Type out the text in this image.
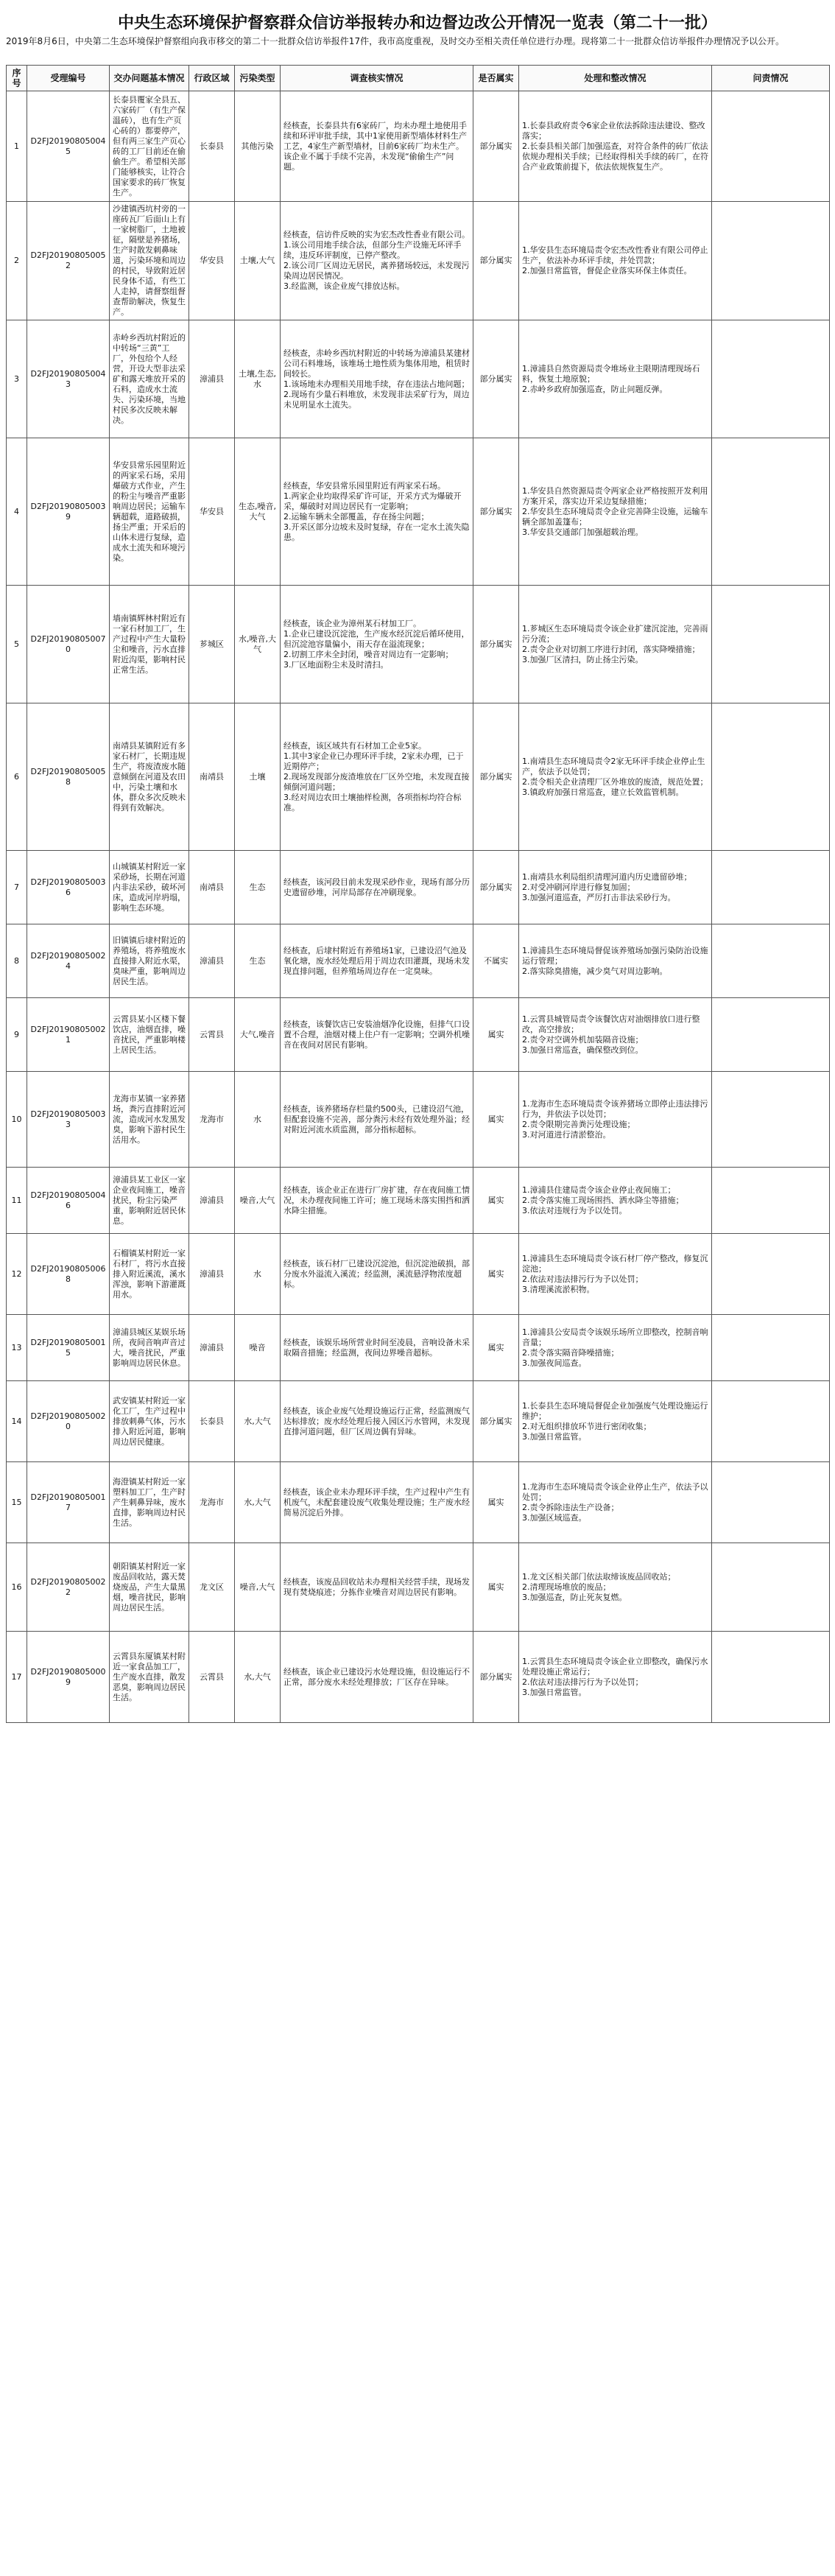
中央生态环境保护督察群众信访举报转办和边督边改公开情况一览表（第二十一批）
2019年8月6日，中央第二生态环境保护督察组向我市移交的第二十一批群众信访举报件17件，我市高度重视，及时交办至相关责任单位进行办理。现将第二十一批群众信访举报件办理情况予以公开。
序号	受理编号	交办问题基本情况	行政区域	污染类型	调查核实情况	是否属实	处理和整改情况	问责情况

1	D2FJ201908050045	长泰县覆家全县五、六家砖厂（有生产保温砖），也有生产页心砖的）都要停产，但有两三家生产页心砖的工厂目前还在偷偷生产。希望相关部门能够核实，让符合国家要求的砖厂恢复生产。	长泰县	其他污染	经核查，长泰县共有6家砖厂，均未办理土地使用手续和环评审批手续，其中1家使用新型墙体材料生产工艺，4家生产新型墙材，目前6家砖厂均未生产。该企业不属于手续不完善，未发现“偷偷生产”问题。	部分属实	1.长泰县政府责令6家企业依法拆除违法建设、整改落实；
2.长泰县相关部门加强巡查，对符合条件的砖厂依法依规办理相关手续；已经取得相关手续的砖厂，在符合产业政策前提下，依法依规恢复生产。	

2	D2FJ201908050052	沙建镇西坑村旁的一座砖瓦厂后面山上有一家树脂厂，土地被征，隔壁是养猪场，生产时散发刺鼻味道，污染环境和周边的村民，导致附近居民身体不适，有些工人走掉，请督察组督查帮助解决，恢复生产。	华安县	土壤,大气	经核查，信访件反映的实为宏杰改性香业有限公司。
1.该公司用地手续合法，但部分生产设施无环评手续，违反环评制度，已停产整改。
2.该公司厂区周边无居民，离养猪场较远，未发现污染周边居民情况。
3.经监测，该企业废气排放达标。	部分属实	1.华安县生态环境局责令宏杰改性香业有限公司停止生产，依法补办环评手续，并处罚款；
2.加强日常监管，督促企业落实环保主体责任。	

3	D2FJ201908050043	赤岭乡西坑村附近的中转场“三黄”工厂，外包给个人经营，开设大型非法采矿和露天堆放开采的石料，造成水土流失、污染环境，当地村民多次反映未解决。	漳浦县	土壤,生态,水	经核查，赤岭乡西坑村附近的中转场为漳浦县某建材公司石料堆场，该堆场土地性质为集体用地，租赁时间较长。
1.该场地未办理相关用地手续，存在违法占地问题；
2.现场有少量石料堆放，未发现非法采矿行为，周边未见明显水土流失。	部分属实	1.漳浦县自然资源局责令堆场业主限期清理现场石料，恢复土地原貌；
2.赤岭乡政府加强巡查，防止问题反弹。	

4	D2FJ201908050039	华安县常乐园里附近的两家采石场，采用爆破方式作业，产生的粉尘与噪音严重影响周边居民；运输车辆超载，道路破损，扬尘严重；开采后的山体未进行复绿，造成水土流失和环境污染。	华安县	生态,噪音,大气	经核查，华安县常乐园里附近有两家采石场。
1.两家企业均取得采矿许可证，开采方式为爆破开采，爆破时对周边居民有一定影响；
2.运输车辆未全部覆盖，存在扬尘问题；
3.开采区部分边坡未及时复绿，存在一定水土流失隐患。	部分属实	1.华安县自然资源局责令两家企业严格按照开发利用方案开采，落实边开采边复绿措施；
2.华安县生态环境局责令企业完善降尘设施，运输车辆全部加盖篷布；
3.华安县交通部门加强超载治理。	

5	D2FJ201908050070	墙南镇辉林村附近有一家石材加工厂，生产过程中产生大量粉尘和噪音，污水直排附近沟渠，影响村民正常生活。	芗城区	水,噪音,大气	经核查，该企业为漳州某石材加工厂。
1.企业已建设沉淀池，生产废水经沉淀后循环使用，但沉淀池容量偏小，雨天存在溢流现象；
2.切割工序未全封闭，噪音对周边有一定影响；
3.厂区地面粉尘未及时清扫。	部分属实	1.芗城区生态环境局责令该企业扩建沉淀池，完善雨污分流；
2.责令企业对切割工序进行封闭，落实降噪措施；
3.加强厂区清扫，防止扬尘污染。	

6	D2FJ201908050058	南靖县某镇附近有多家石材厂，长期违规生产，将废渣废水随意倾倒在河道及农田中，污染土壤和水体，群众多次反映未得到有效解决。	南靖县	土壤	经核查，该区域共有石材加工企业5家。
1.其中3家企业已办理环评手续，2家未办理，已于近期停产；
2.现场发现部分废渣堆放在厂区外空地，未发现直接倾倒河道问题；
3.经对周边农田土壤抽样检测，各项指标均符合标准。	部分属实	1.南靖县生态环境局责令2家无环评手续企业停止生产，依法予以处罚；
2.责令相关企业清理厂区外堆放的废渣，规范处置；
3.镇政府加强日常巡查，建立长效监管机制。	

7	D2FJ201908050036	山城镇某村附近一家采砂场，长期在河道内非法采砂，破坏河床，造成河岸坍塌，影响生态环境。	南靖县	生态	经核查，该河段目前未发现采砂作业，现场有部分历史遗留砂堆，河岸局部存在冲刷现象。	部分属实	1.南靖县水利局组织清理河道内历史遗留砂堆；
2.对受冲刷河岸进行修复加固；
3.加强河道巡查，严厉打击非法采砂行为。	

8	D2FJ201908050024	旧镇镇后埭村附近的养殖场，将养殖废水直接排入附近水渠，臭味严重，影响周边居民生活。	漳浦县	生态	经核查，后埭村附近有养殖场1家，已建设沼气池及氧化塘，废水经处理后用于周边农田灌溉，现场未发现直排问题，但养殖场周边存在一定臭味。	不属实	1.漳浦县生态环境局督促该养殖场加强污染防治设施运行管理；
2.落实除臭措施，减少臭气对周边影响。	

9	D2FJ201908050021	云霄县某小区楼下餐饮店，油烟直排，噪音扰民，严重影响楼上居民生活。	云霄县	大气,噪音	经核查，该餐饮店已安装油烟净化设施，但排气口设置不合理，油烟对楼上住户有一定影响；空调外机噪音在夜间对居民有影响。	属实	1.云霄县城管局责令该餐饮店对油烟排放口进行整改，高空排放；
2.责令对空调外机加装隔音设施；
3.加强日常巡查，确保整改到位。	

10	D2FJ201908050033	龙海市某镇一家养猪场，粪污直排附近河流，造成河水发黑发臭，影响下游村民生活用水。	龙海市	水	经核查，该养猪场存栏量约500头，已建设沼气池，但配套设施不完善，部分粪污未经有效处理外溢；经对附近河流水质监测，部分指标超标。	属实	1.龙海市生态环境局责令该养猪场立即停止违法排污行为，并依法予以处罚；
2.责令限期完善粪污处理设施；
3.对河道进行清淤整治。	

11	D2FJ201908050046	漳浦县某工业区一家企业夜间施工，噪音扰民，粉尘污染严重，影响附近居民休息。	漳浦县	噪音,大气	经核查，该企业正在进行厂房扩建，存在夜间施工情况，未办理夜间施工许可；施工现场未落实围挡和洒水降尘措施。	属实	1.漳浦县住建局责令该企业停止夜间施工；
2.责令落实施工现场围挡、洒水降尘等措施；
3.依法对违规行为予以处罚。	

12	D2FJ201908050068	石榴镇某村附近一家石材厂，将污水直接排入附近溪流，溪水浑浊，影响下游灌溉用水。	漳浦县	水	经核查，该石材厂已建设沉淀池，但沉淀池破损，部分废水外溢流入溪流；经监测，溪流悬浮物浓度超标。	属实	1.漳浦县生态环境局责令该石材厂停产整改，修复沉淀池；
2.依法对违法排污行为予以处罚；
3.清理溪流淤积物。	

13	D2FJ201908050015	漳浦县城区某娱乐场所，夜间音响声音过大，噪音扰民，严重影响周边居民休息。	漳浦县	噪音	经核查，该娱乐场所营业时间至凌晨，音响设备未采取隔音措施；经监测，夜间边界噪音超标。	属实	1.漳浦县公安局责令该娱乐场所立即整改，控制音响音量；
2.责令落实隔音降噪措施；
3.加强夜间巡查。	

14	D2FJ201908050020	武安镇某村附近一家化工厂，生产过程中排放刺鼻气体，污水排入附近河道，影响周边居民健康。	长泰县	水,大气	经核查，该企业废气处理设施运行正常，经监测废气达标排放；废水经处理后接入园区污水管网，未发现直排河道问题，但厂区周边偶有异味。	部分属实	1.长泰县生态环境局督促企业加强废气处理设施运行维护；
2.对无组织排放环节进行密闭收集；
3.加强日常监管。	

15	D2FJ201908050017	海澄镇某村附近一家塑料加工厂，生产时产生刺鼻异味，废水直排，影响周边村民生活。	龙海市	水,大气	经核查，该企业未办理环评手续，生产过程中产生有机废气，未配套建设废气收集处理设施；生产废水经简易沉淀后外排。	属实	1.龙海市生态环境局责令该企业停止生产，依法予以处罚；
2.责令拆除违法生产设备；
3.加强区域巡查。	

16	D2FJ201908050022	朝阳镇某村附近一家废品回收站，露天焚烧废品，产生大量黑烟，噪音扰民，影响周边居民生活。	龙文区	噪音,大气	经核查，该废品回收站未办理相关经营手续，现场发现有焚烧痕迹；分拣作业噪音对周边居民有影响。	属实	1.龙文区相关部门依法取缔该废品回收站；
2.清理现场堆放的废品；
3.加强巡查，防止死灰复燃。	

17	D2FJ201908050009	云霄县东厦镇某村附近一家食品加工厂，生产废水直排，散发恶臭，影响周边居民生活。	云霄县	水,大气	经核查，该企业已建设污水处理设施，但设施运行不正常，部分废水未经处理排放；厂区存在异味。	部分属实	1.云霄县生态环境局责令该企业立即整改，确保污水处理设施正常运行；
2.依法对违法排污行为予以处罚；
3.加强日常监管。	
